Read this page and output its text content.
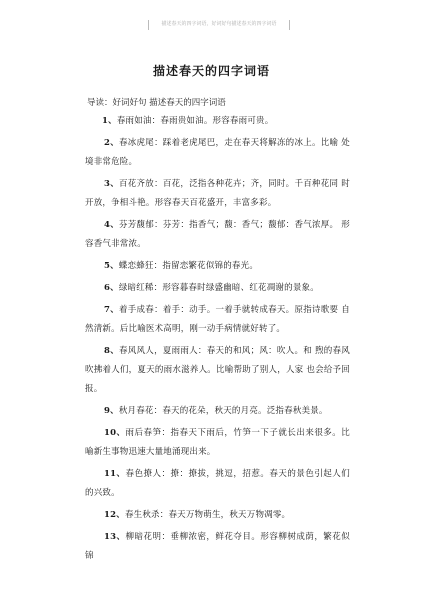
描述春天的四字词语，好词好句描述春天的四字词语
描述春天的四字词语
导读：好词好句 描述春天的四字词语

1、春雨如油：春雨贵如油。形容春雨可贵。

2、春冰虎尾：踩着老虎尾巴，走在春天将解冻的冰上。比喻 处境非常危险。

3、百花齐放：百花，泛指各种花卉；齐，同时。千百种花同 时开放，争相斗艳。形容春天百花盛开，丰富多彩。

4、芬芳馥郁：芬芳：指香气；馥：香气；馥郁：香气浓厚。 形容香气非常浓。

5、蝶恋蜂狂：指留恋繁花似锦的春光。

6、绿暗红稀：形容暮春时绿盛幽暗、红花凋谢的景象。

7、着手成春：着手：动手。一着手就转成春天。原指诗歌要 自然清新。后比喻医术高明，刚一动手病情就好转了。

8、春风风人，夏雨雨人：春天的和风；风：吹人。和 煦的春风吹拂着人们，夏天的雨水滋养人。比喻帮助了别人，人家 也会给予回报。

9、秋月春花：春天的花朵，秋天的月亮。泛指春秋美景。

10、雨后春笋：指春天下雨后，竹笋一下子就长出来很多。比 喻新生事物迅速大量地涌现出来。

11、春色撩人：撩：撩拔，挑逗，招惹。春天的景色引起人们 的兴致。

12、春生秋杀：春天万物萌生，秋天万物凋零。

13、柳暗花明：垂柳浓密，鲜花夺目。形容柳树成荫，繁花似 锦
